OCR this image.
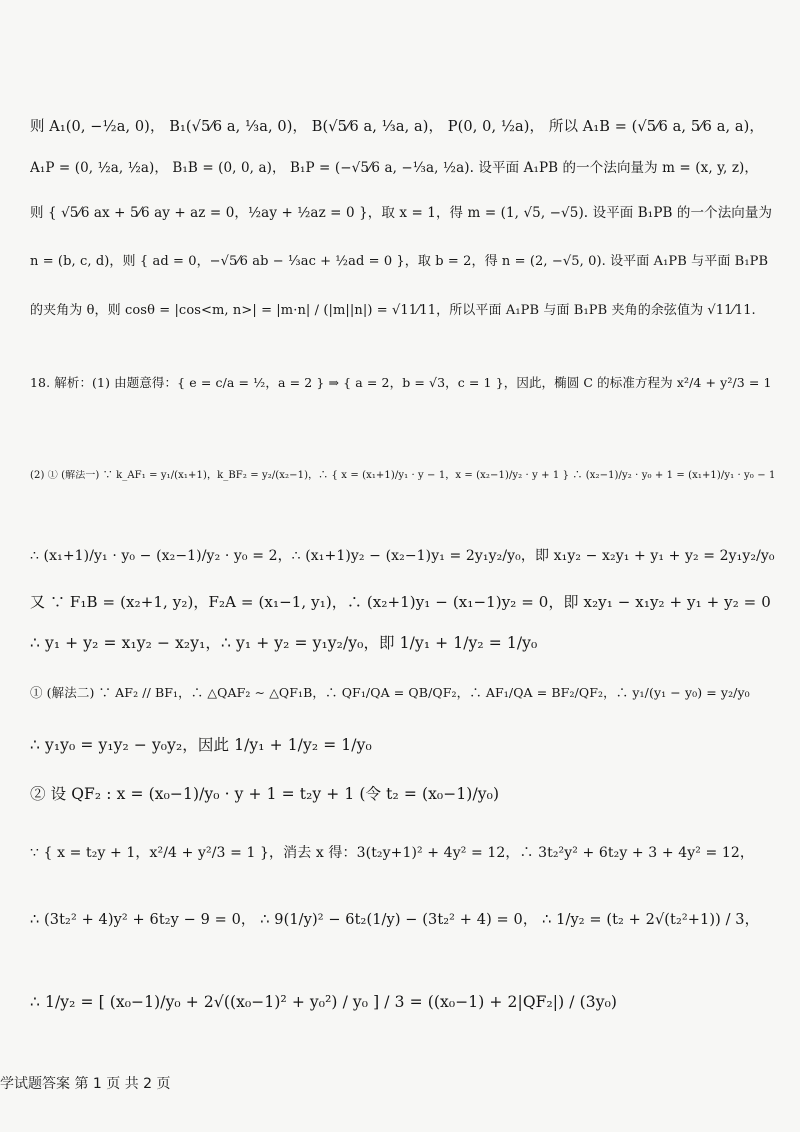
则 A₁(0, −½a, 0)， B₁(√5⁄6 a, ⅓a, 0)， B(√5⁄6 a, ⅓a, a)， P(0, 0, ½a)， 所以 A₁B = (√5⁄6 a, 5⁄6 a, a)，
A₁P = (0, ½a, ½a)， B₁B = (0, 0, a)， B₁P = (−√5⁄6 a, −⅓a, ½a). 设平面 A₁PB 的一个法向量为 m = (x, y, z)，
则 { √5⁄6 ax + 5⁄6 ay + az = 0，½ay + ½az = 0 }，取 x = 1，得 m = (1, √5, −√5). 设平面 B₁PB 的一个法向量为
n = (b, c, d)，则 { ad = 0，−√5⁄6 ab − ⅓ac + ½ad = 0 }，取 b = 2，得 n = (2, −√5, 0). 设平面 A₁PB 与平面 B₁PB
的夹角为 θ，则 cosθ = |cos<m, n>| = |m·n| / (|m||n|) = √11⁄11，所以平面 A₁PB 与面 B₁PB 夹角的余弦值为 √11⁄11.
18. 解析：(1) 由题意得：{ e = c/a = ½，a = 2 } ⇒ { a = 2，b = √3，c = 1 }，因此，椭圆 C 的标准方程为 x²/4 + y²/3 = 1
(2) ① (解法一) ∵ k_AF₁ = y₁/(x₁+1)，k_BF₂ = y₂/(x₂−1)，∴ { x = (x₁+1)/y₁ · y − 1，x = (x₂−1)/y₂ · y + 1 } ∴ (x₂−1)/y₂ · y₀ + 1 = (x₁+1)/y₁ · y₀ − 1
∴ (x₁+1)/y₁ · y₀ − (x₂−1)/y₂ · y₀ = 2，∴ (x₁+1)y₂ − (x₂−1)y₁ = 2y₁y₂/y₀，即 x₁y₂ − x₂y₁ + y₁ + y₂ = 2y₁y₂/y₀
又 ∵ F₁B = (x₂+1, y₂)，F₂A = (x₁−1, y₁)，∴ (x₂+1)y₁ − (x₁−1)y₂ = 0，即 x₂y₁ − x₁y₂ + y₁ + y₂ = 0
∴ y₁ + y₂ = x₁y₂ − x₂y₁，∴ y₁ + y₂ = y₁y₂/y₀，即 1/y₁ + 1/y₂ = 1/y₀
① (解法二) ∵ AF₂ // BF₁，∴ △QAF₂ ∼ △QF₁B，∴ QF₁/QA = QB/QF₂，∴ AF₁/QA = BF₂/QF₂，∴ y₁/(y₁ − y₀) = y₂/y₀
∴ y₁y₀ = y₁y₂ − y₀y₂，因此 1/y₁ + 1/y₂ = 1/y₀
② 设 QF₂ : x = (x₀−1)/y₀ · y + 1 = t₂y + 1 (令 t₂ = (x₀−1)/y₀)
∵ { x = t₂y + 1，x²/4 + y²/3 = 1 }，消去 x 得：3(t₂y+1)² + 4y² = 12，∴ 3t₂²y² + 6t₂y + 3 + 4y² = 12，
∴ (3t₂² + 4)y² + 6t₂y − 9 = 0， ∴ 9(1/y)² − 6t₂(1/y) − (3t₂² + 4) = 0， ∴ 1/y₂ = (t₂ + 2√(t₂²+1)) / 3，
∴ 1/y₂ = [ (x₀−1)/y₀ + 2√((x₀−1)² + y₀²) / y₀ ] / 3 = ((x₀−1) + 2|QF₂|) / (3y₀)
学试题答案 第 1 页 共 2 页
